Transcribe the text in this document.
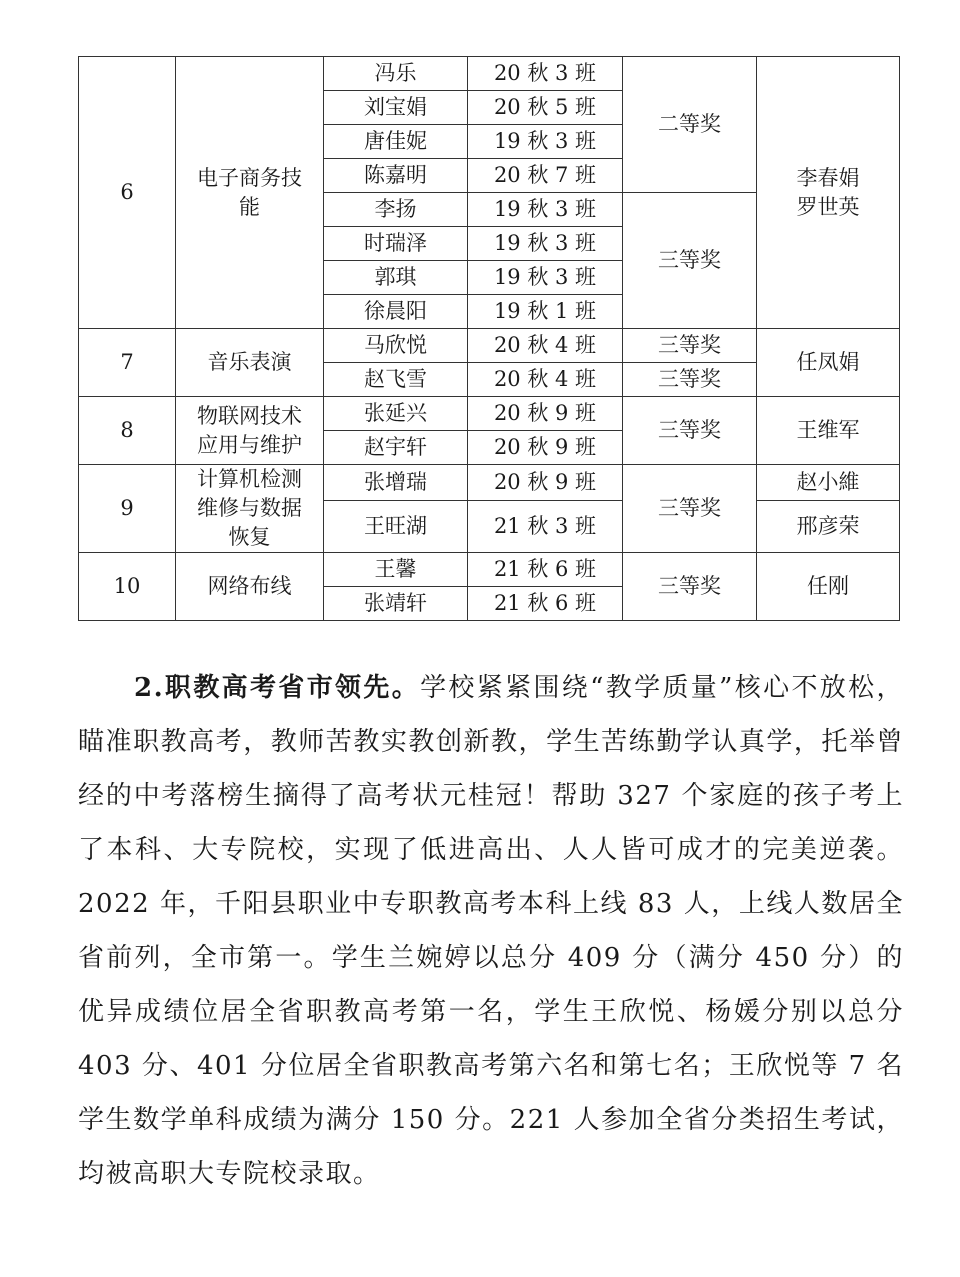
6	电子商务技能	冯乐	20 秋 3 班	二等奖	李春娟
罗世英
		刘宝娟	20 秋 5 班		
		唐佳妮	19 秋 3 班		
		陈嘉明	20 秋 7 班		
		李扬	19 秋 3 班	三等奖	
		时瑞泽	19 秋 3 班		
		郭琪	19 秋 3 班		
		徐晨阳	19 秋 1 班		
7	音乐表演	马欣悦	20 秋 4 班	三等奖	任凤娟
		赵飞雪	20 秋 4 班	三等奖	
8	物联网技术应用与维护	张延兴	20 秋 9 班	三等奖	王维军
		赵宇轩	20 秋 9 班		
9	计算机检测维修与数据恢复	张增瑞	20 秋 9 班	三等奖	赵小維
		王旺湖	21 秋 3 班		邢彦荣
10	网络布线	王馨	21 秋 6 班	三等奖	任刚
		张靖轩	21 秋 6 班		

2.职教高考省市领先。学校紧紧围绕“教学质量”核心不放松，瞄准职教高考，教师苦教实教创新教，学生苦练勤学认真学，托举曾经的中考落榜生摘得了高考状元桂冠！帮助 327 个家庭的孩子考上了本科、大专院校，实现了低进高出、人人皆可成才的完美逆袭。2022 年，千阳县职业中专职教高考本科上线 83 人，上线人数居全省前列，全市第一。学生兰婉婷以总分 409 分（满分 450 分）的优异成绩位居全省职教高考第一名，学生王欣悦、杨媛分别以总分 403 分、401 分位居全省职教高考第六名和第七名；王欣悦等 7 名学生数学单科成绩为满分 150 分。221 人参加全省分类招生考试，均被高职大专院校录取。
